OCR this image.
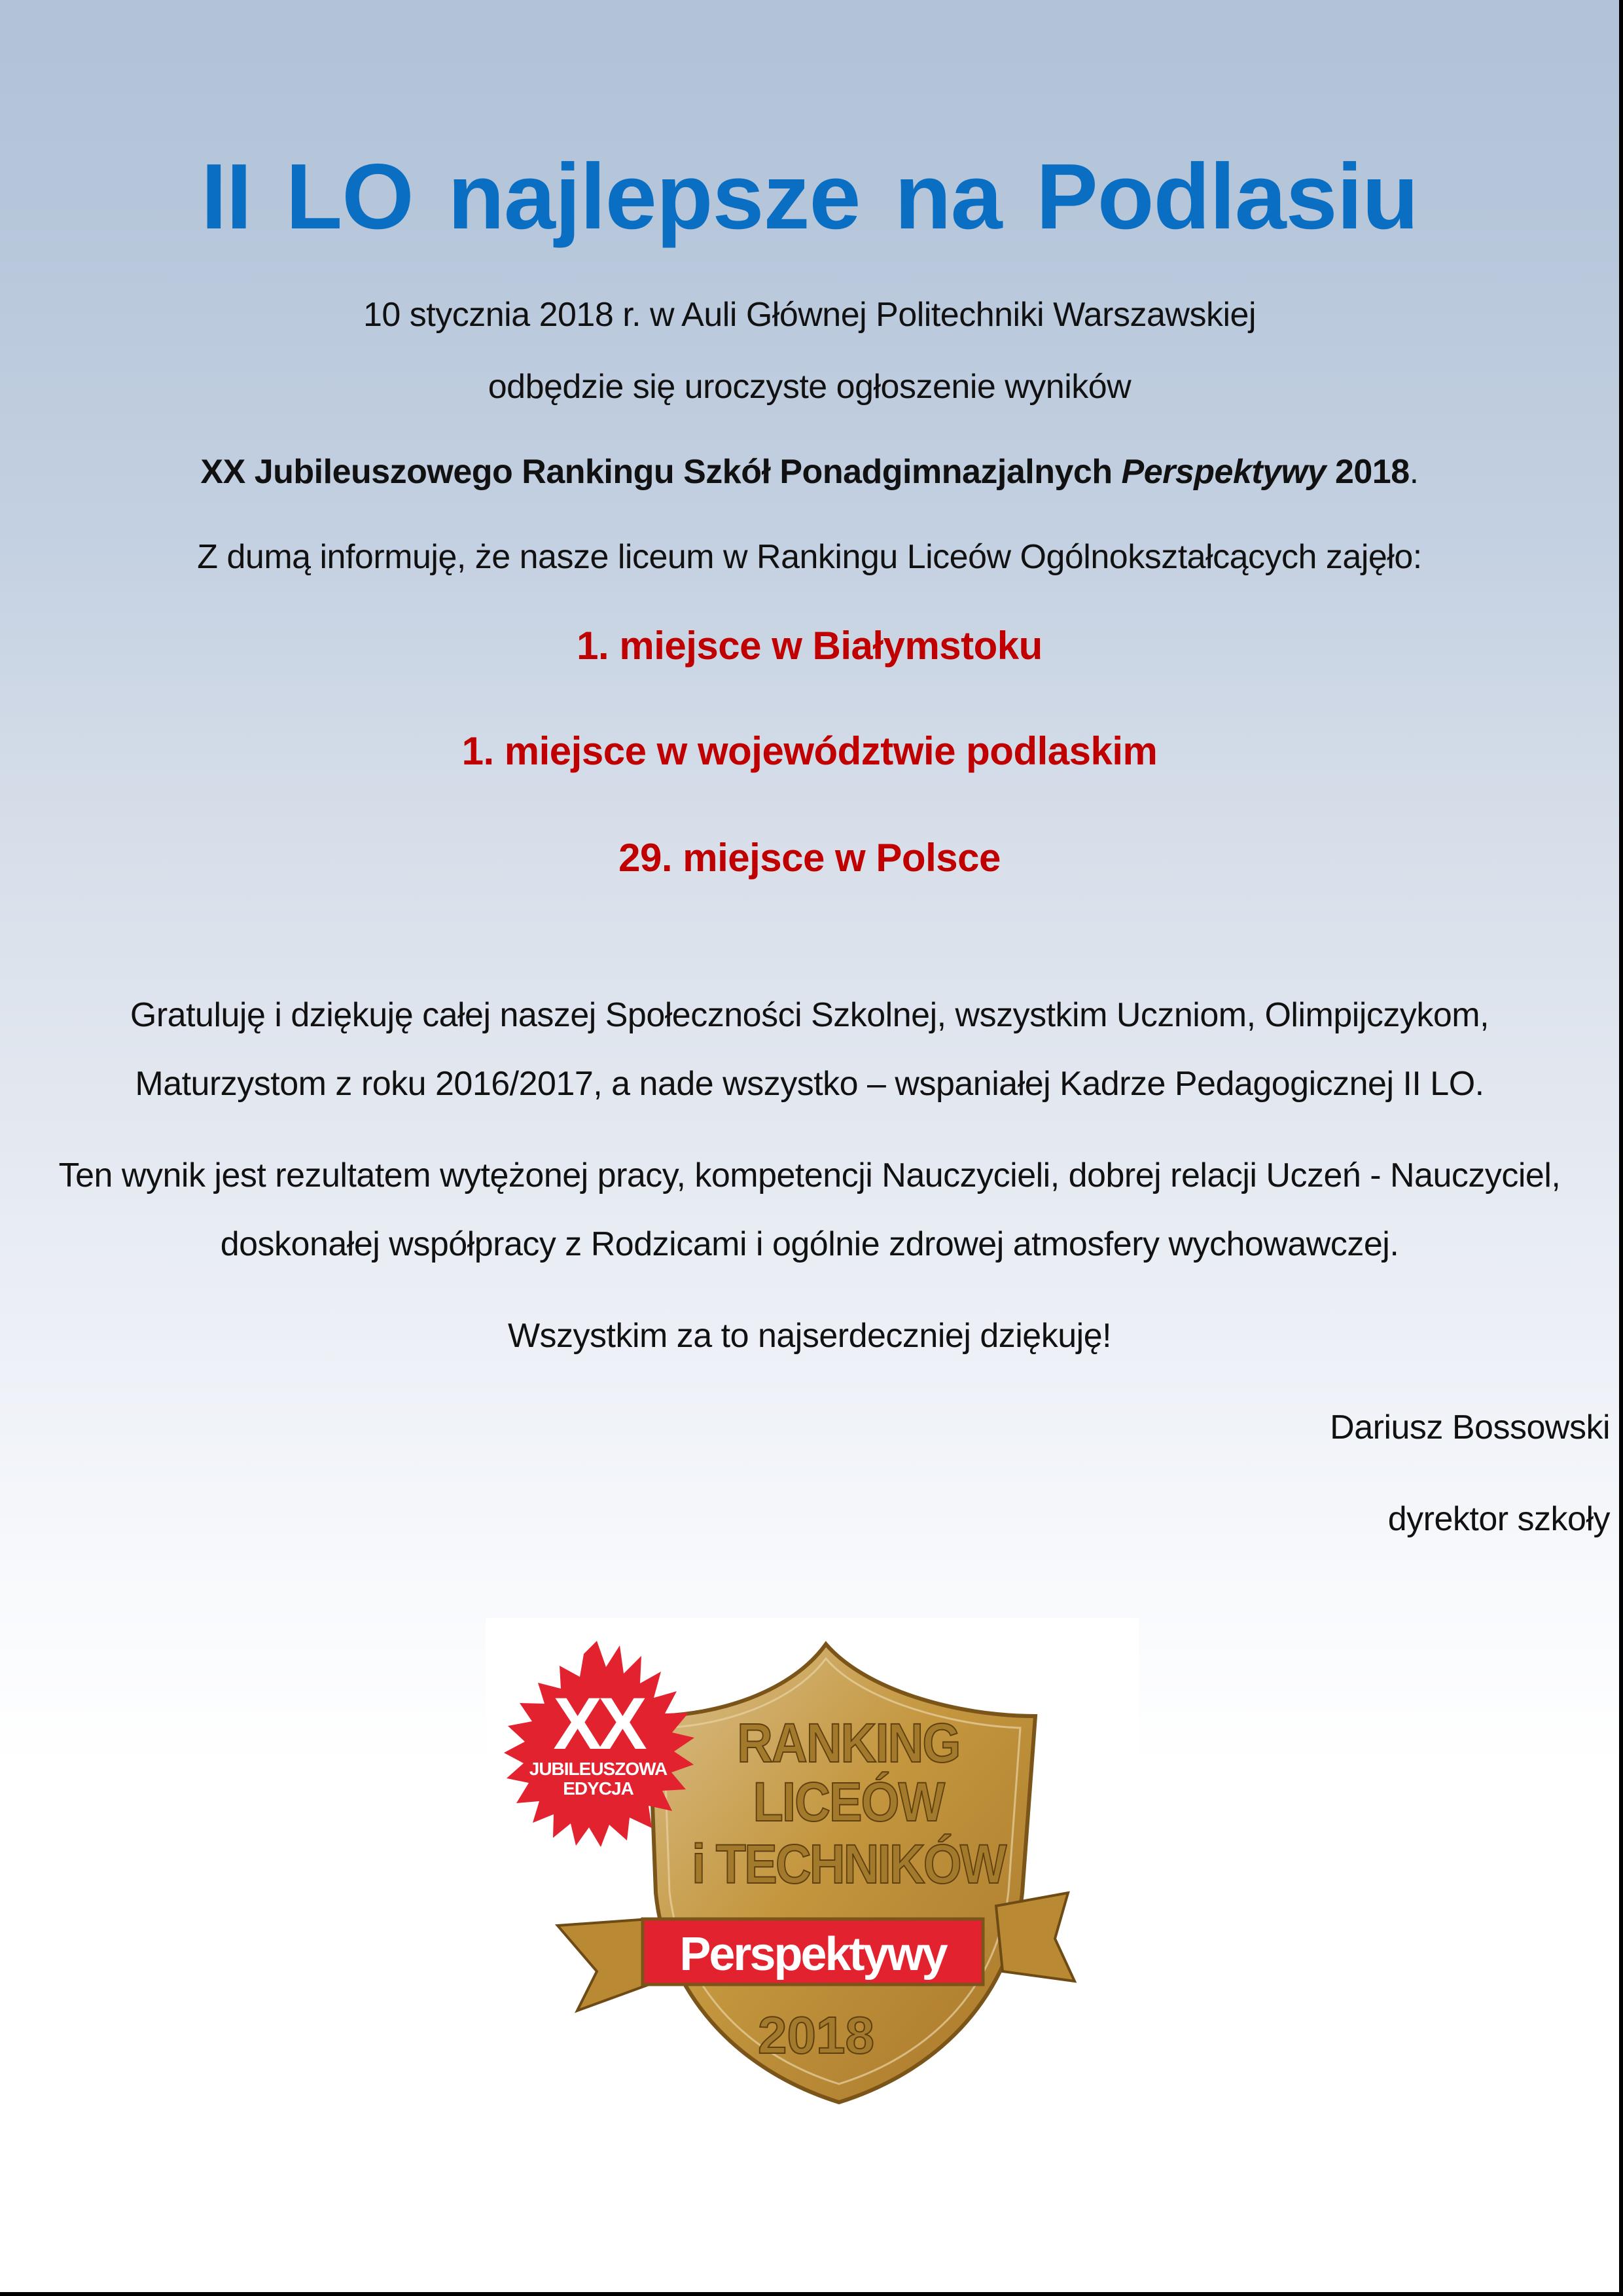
II LO najlepsze na Podlasiu
10 stycznia 2018 r. w Auli Głównej Politechniki Warszawskiej
odbędzie się uroczyste ogłoszenie wyników
XX Jubileuszowego Rankingu Szkół Ponadgimnazjalnych Perspektywy 2018.
Z dumą informuję, że nasze liceum w Rankingu Liceów Ogólnokształcących zajęło:
1. miejsce w Białymstoku
1. miejsce w województwie podlaskim
29. miejsce w Polsce
Gratuluję i dziękuję całej naszej Społeczności Szkolnej, wszystkim Uczniom, Olimpijczykom,
Maturzystom z roku 2016/2017, a nade wszystko – wspaniałej Kadrze Pedagogicznej II LO.
Ten wynik jest rezultatem wytężonej pracy, kompetencji Nauczycieli, dobrej relacji Uczeń - Nauczyciel,
doskonałej współpracy z Rodzicami i ogólnie zdrowej atmosfery wychowawczej.
Wszystkim za to najserdeczniej dziękuję!
Dariusz Bossowski
dyrektor szkoły
RANKING
LICEÓW
i TECHNIKÓW
Perspektywy
2018
XX
JUBILEUSZOWA
EDYCJA
